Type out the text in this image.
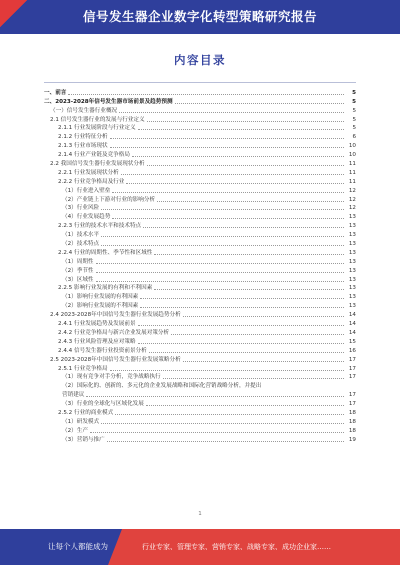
信号发生器企业数字化转型策略研究报告
内容目录
一、前言	5
二、2023-2028年信号发生器市场前景及趋势预测	5
（一）信号发生器行业概况	5
2.1 信号发生器行业的发展与行业定义	5
2.1.1 行业发展阶段与行业定义	5
2.1.2 行业特征分析	6
2.1.3 行业市场现状	10
2.1.4 行业产业链及竞争格局	10
2.2 我国信号发生器行业发展现状分析	11
2.2.1 行业发展现状分析	11
2.2.2 行业竞争格局及行业	11
（1）行业进入壁垒	12
（2）产业链上下游对行业的影响分析	12
（3）行业风险	12
（4）行业发展趋势	13
2.2.3 行业的技术水平和技术特点	13
（1）技术水平	13
（2）技术特点	13
2.2.4 行业的周期性、季节性和区域性	13
（1）周期性	13
（2）季节性	13
（3）区域性	13
2.2.5 影响行业发展的有利和不利因素	13
（1）影响行业发展的有利因素	13
（2）影响行业发展的不利因素	13
2.4 2023-2028年中国信号发生器行业发展趋势分析	14
2.4.1 行业发展趋势及发展前景	14
2.4.2 行业竞争格局与新兴企业发展对策分析	14
2.4.3 行业风险管理及应对策略	15
2.4.4 信号发生器行业投资前景分析	16
2.5 2023-2028年中国信号发生器行业发展策略分析	17
2.5.1 行业竞争格局	17
（1）现有竞争对手分析，竞争战略执行	17
（2）国际化的、创新的、多元化的企业发展战略和国际化营销战略分析，并提出
营销建议	17
（3）行业的全球化与区域化发展	17
2.5.2 行业的商业模式	18
（1）研发模式	18
（2）生产	18
（3）营销与推广	19
1
让每个人都能成为	行业专家、管理专家、营销专家、战略专家、成功企业家……
